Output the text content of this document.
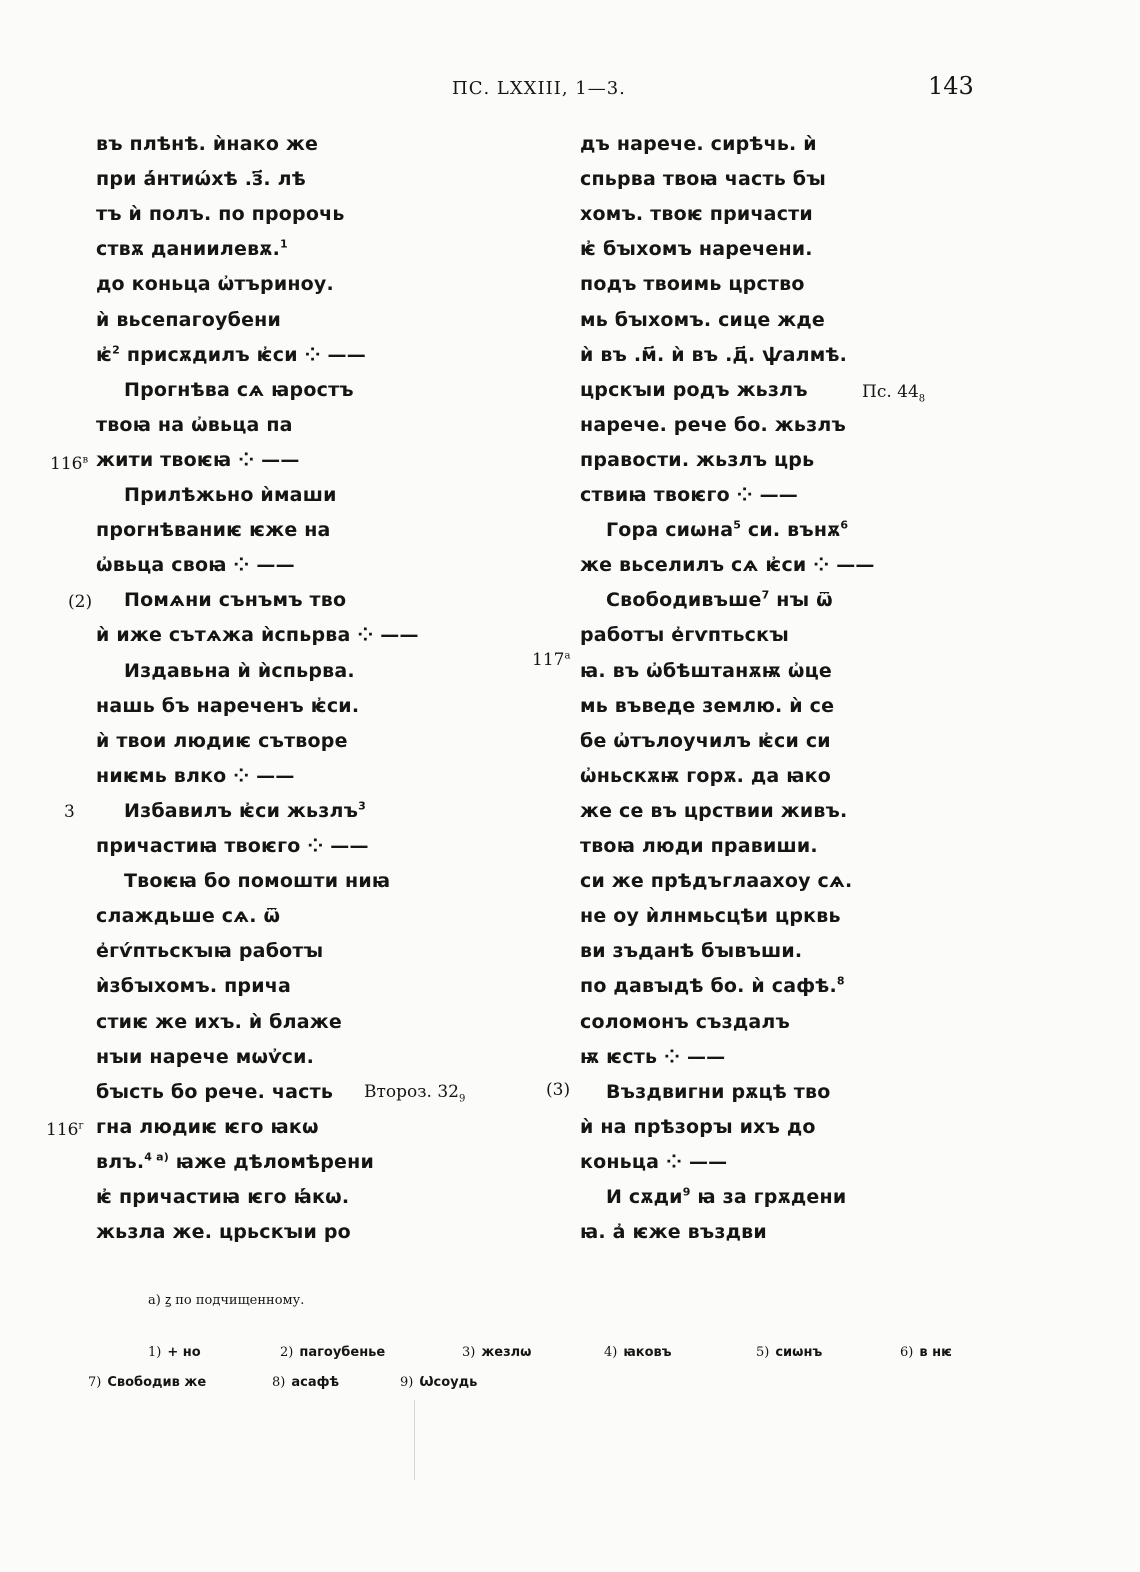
ПС. LXXIII, 1—3.	143
въ плѣнѣ. ѝнако же
при а҆́нтиѡ́хѣ .з҃. лѣ
тъ ѝ полъ. по пророчь
ствѫ даниилевѫ.$^1$
до коньца ѡ҆търиноу.
ѝ вьсепагоубени
ѥ҆$^2$ присѫдилъ ѥ҆си ⁘ ——
Прогнѣва сѧ ꙗростъ
твоꙗ на ѡ҆вьца па
жити твоѥꙗ ⁘ ——
Прилѣжьно ѝмаши
прогнѣваниѥ ѥже на
ѡ҆вьца своꙗ ⁘ ——
Помѧни сънъмъ тво
ѝ иже сътѧжа ѝспьрва ⁘ ——
Издавьна ѝ ѝспьрва.
нашь бъ нареченъ ѥ҆си.
ѝ твои людиѥ сътворе
ниѥмь влко ⁘ ——
Избавилъ ѥ҆си жьзлъ$^3$
причастиꙗ твоѥго ⁘ ——
Твоѥꙗ бо помошти ниꙗ
слаждьше сѧ. ѿ
е҆гѵ́птьскꙑꙗ работꙑ
ѝзбꙑхомъ. прича
стиѥ же ихъ. ѝ блаже
нꙑи нарече мѡѵ҆си.
бꙑсть бо рече. часть
гна людиѥ ѥго ꙗкѡ
влъ.$^{4 а)}$ ꙗже дѣломѣрени
ѥ҆ причастиꙗ ѥго ꙗ҆́кѡ.
жьзла же. црьскꙑи ро
дъ нарече. сирѣчь. ѝ
спьрва твоꙗ часть бꙑ
хомъ. твоѥ причасти
ѥ҆ бꙑхомъ наречени.
подъ твоимь црство
мь бꙑхомъ. сице жде
ѝ въ .м҃. ѝ въ .д҃. ѱалмѣ.
црскꙑи родъ жьзлъ
нарече. рече бо. жьзлъ
правости. жьзлъ црь
ствиꙗ твоѥго ⁘ ——
Гора сиѡна$^5$ си. вънѫ$^6$
же вьселилъ сѧ ѥ҆си ⁘ ——
Свободивъше$^7$ нꙑ ѿ
работꙑ е҆гѵптьскꙑ
ꙗ. въ ѡ҆бѣштанѫѭ ѡ҆це
мь въведе землю. ѝ се
бе ѡ҆тълоучилъ ѥ҆си си
ѡ҆ньскѫѭ горѫ. да ꙗко
же се въ црствии живъ.
твоꙗ люди правиши.
си же прѣдъглаахоу сѧ.
не оу ѝлнмьсцѣи црквь
ви зъданѣ бꙑвъши.
по давꙑдѣ бо. ѝ сафѣ.$^8$
соломонъ създалъ
ѭ ѥсть ⁘ ——
Въздвигни рѫцѣ твo
ѝ на прѣзорꙑ ихъ до
коньца ⁘ ——
И сѫди$^9$ ꙗ за грѫдени
ꙗ. а҆ ѥже въздви
$116^в$
(2)
3
Второз. $32_9$
$116^г$
Пс. $44_8$
$117^а$
(3)
а) ꙁ по подчищенному.
1) + но	2) пагоубенье	3) жезлѡ	4) ꙗковъ	5) сиѡнъ	6) в нѥ
7) Свободив же	8) асафѣ	9) Ѡсоудь
